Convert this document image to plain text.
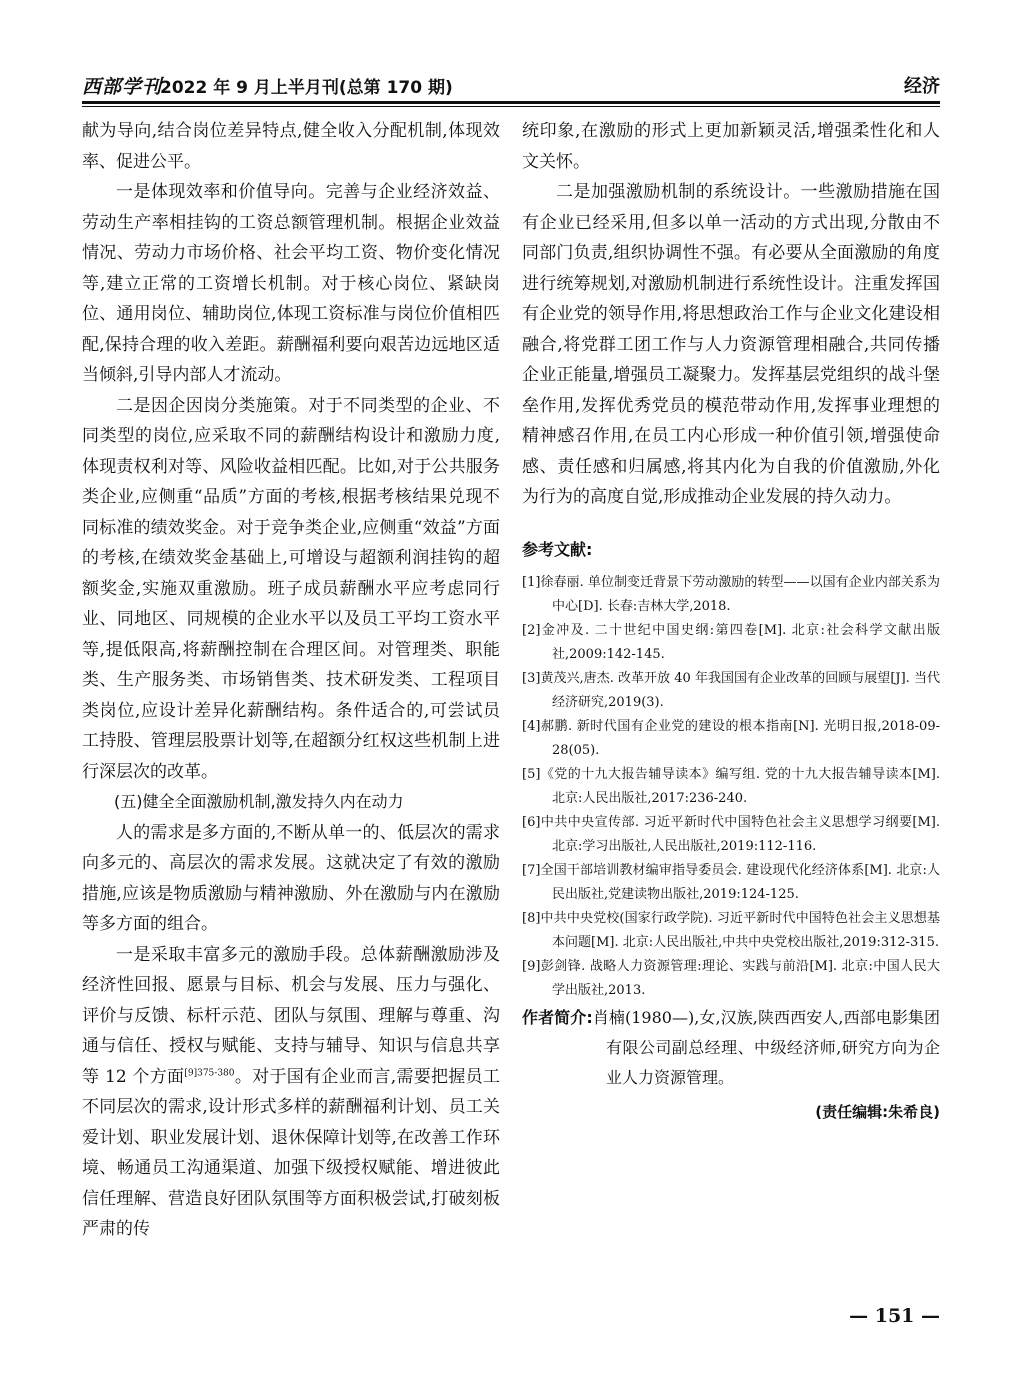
西部学刊
2022 年 9 月上半月刊(总第 170 期)	经济

献为导向,结合岗位差异特点,健全收入分配机制,体现效率、促进公平。

一是体现效率和价值导向。完善与企业经济效益、劳动生产率相挂钩的工资总额管理机制。根据企业效益情况、劳动力市场价格、社会平均工资、物价变化情况等,建立正常的工资增长机制。对于核心岗位、紧缺岗位、通用岗位、辅助岗位,体现工资标准与岗位价值相匹配,保持合理的收入差距。薪酬福利要向艰苦边远地区适当倾斜,引导内部人才流动。

二是因企因岗分类施策。对于不同类型的企业、不同类型的岗位,应采取不同的薪酬结构设计和激励力度,体现责权利对等、风险收益相匹配。比如,对于公共服务类企业,应侧重“品质”方面的考核,根据考核结果兑现不同标准的绩效奖金。对于竞争类企业,应侧重“效益”方面的考核,在绩效奖金基础上,可增设与超额利润挂钩的超额奖金,实施双重激励。班子成员薪酬水平应考虑同行业、同地区、同规模的企业水平以及员工平均工资水平等,提低限高,将薪酬控制在合理区间。对管理类、职能类、生产服务类、市场销售类、技术研发类、工程项目类岗位,应设计差异化薪酬结构。条件适合的,可尝试员工持股、管理层股票计划等,在超额分红权这些机制上进行深层次的改革。

(五)健全全面激励机制,激发持久内在动力

人的需求是多方面的,不断从单一的、低层次的需求向多元的、高层次的需求发展。这就决定了有效的激励措施,应该是物质激励与精神激励、外在激励与内在激励等多方面的组合。

一是采取丰富多元的激励手段。总体薪酬激励涉及经济性回报、愿景与目标、机会与发展、压力与强化、评价与反馈、标杆示范、团队与氛围、理解与尊重、沟通与信任、授权与赋能、支持与辅导、知识与信息共享等 12 个方面$^{[9]375-380}$。对于国有企业而言,需要把握员工不同层次的需求,设计形式多样的薪酬福利计划、员工关爱计划、职业发展计划、退休保障计划等,在改善工作环境、畅通员工沟通渠道、加强下级授权赋能、增进彼此信任理解、营造良好团队氛围等方面积极尝试,打破刻板严肃的传

统印象,在激励的形式上更加新颖灵活,增强柔性化和人文关怀。

二是加强激励机制的系统设计。一些激励措施在国有企业已经采用,但多以单一活动的方式出现,分散由不同部门负责,组织协调性不强。有必要从全面激励的角度进行统筹规划,对激励机制进行系统性设计。注重发挥国有企业党的领导作用,将思想政治工作与企业文化建设相融合,将党群工团工作与人力资源管理相融合,共同传播企业正能量,增强员工凝聚力。发挥基层党组织的战斗堡垒作用,发挥优秀党员的模范带动作用,发挥事业理想的精神感召作用,在员工内心形成一种价值引领,增强使命感、责任感和归属感,将其内化为自我的价值激励,外化为行为的高度自觉,形成推动企业发展的持久动力。

参考文献:
[1]徐春丽. 单位制变迁背景下劳动激励的转型——以国有企业内部关系为中心[D]. 长春:吉林大学,2018.
[2]金冲及. 二十世纪中国史纲:第四卷[M]. 北京:社会科学文献出版社,2009:142-145.
[3]黄茂兴,唐杰. 改革开放 40 年我国国有企业改革的回顾与展望[J]. 当代经济研究,2019(3).
[4]郝鹏. 新时代国有企业党的建设的根本指南[N]. 光明日报,2018-09-28(05).
[5]《党的十九大报告辅导读本》编写组. 党的十九大报告辅导读本[M]. 北京:人民出版社,2017:236-240.
[6]中共中央宣传部. 习近平新时代中国特色社会主义思想学习纲要[M]. 北京:学习出版社,人民出版社,2019:112-116.
[7]全国干部培训教材编审指导委员会. 建设现代化经济体系[M]. 北京:人民出版社,党建读物出版社,2019:124-125.
[8]中共中央党校(国家行政学院). 习近平新时代中国特色社会主义思想基本问题[M]. 北京:人民出版社,中共中央党校出版社,2019:312-315.
[9]彭剑锋. 战略人力资源管理:理论、实践与前沿[M]. 北京:中国人民大学出版社,2013.

作者简介:肖楠(1980—),女,汉族,陕西西安人,西部电影集团有限公司副总经理、中级经济师,研究方向为企业人力资源管理。

(责任编辑:朱希良)
— 151 —
